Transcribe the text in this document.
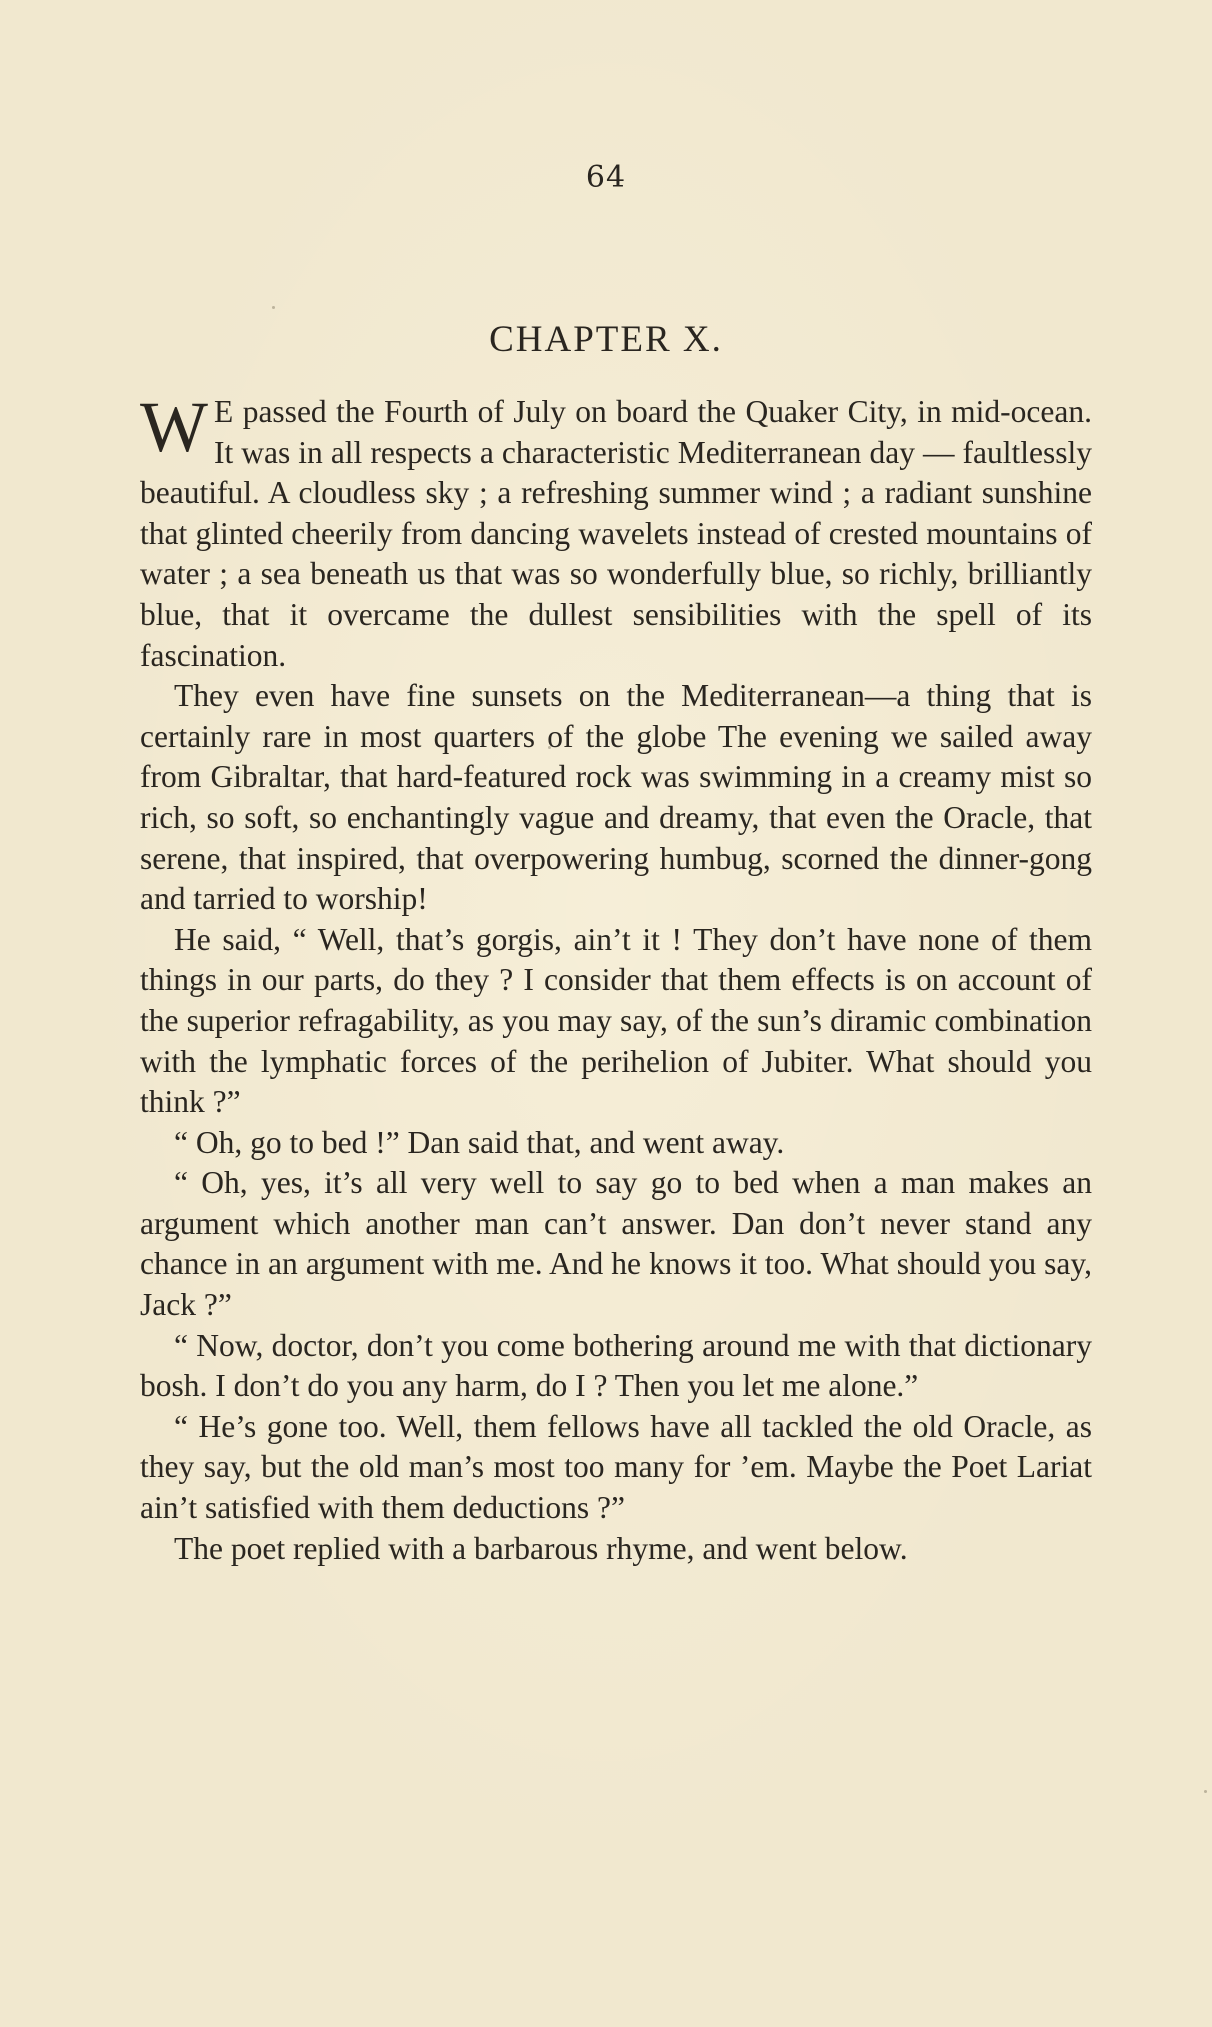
64
CHAPTER X.

W E passed the Fourth of July on board the Quaker City, in mid-ocean. It was in all respects a characteristic Mediterranean day — faultlessly beautiful. A cloudless sky ; a refreshing summer wind ; a radiant sunshine that glinted cheerily from dancing wavelets instead of crested mountains of water ; a sea beneath us that was so wonderfully blue, so richly, brilliantly blue, that it overcame the dullest sensibilities with the spell of its fascination.

They even have fine sunsets on the Mediterranean—a thing that is certainly rare in most quarters of the globe The evening we sailed away from Gibraltar, that hard-featured rock was swimming in a creamy mist so rich, so soft, so enchantingly vague and dreamy, that even the Oracle, that serene, that inspired, that overpowering humbug, scorned the dinner-gong and tarried to worship!

He said, “ Well, that’s gorgis, ain’t it ! They don’t have none of them things in our parts, do they ? I consider that them effects is on account of the superior refragability, as you may say, of the sun’s diramic combination with the lymphatic forces of the perihelion of Jubiter. What should you think ?”

“ Oh, go to bed !” Dan said that, and went away.

“ Oh, yes, it’s all very well to say go to bed when a man makes an argument which another man can’t answer. Dan don’t never stand any chance in an argument with me. And he knows it too. What should you say, Jack ?”

“ Now, doctor, don’t you come bothering around me with that dictionary bosh. I don’t do you any harm, do I ? Then you let me alone.”

“ He’s gone too. Well, them fellows have all tackled the old Oracle, as they say, but the old man’s most too many for ’em. Maybe the Poet Lariat ain’t satisfied with them deductions ?”

The poet replied with a barbarous rhyme, and went below.
